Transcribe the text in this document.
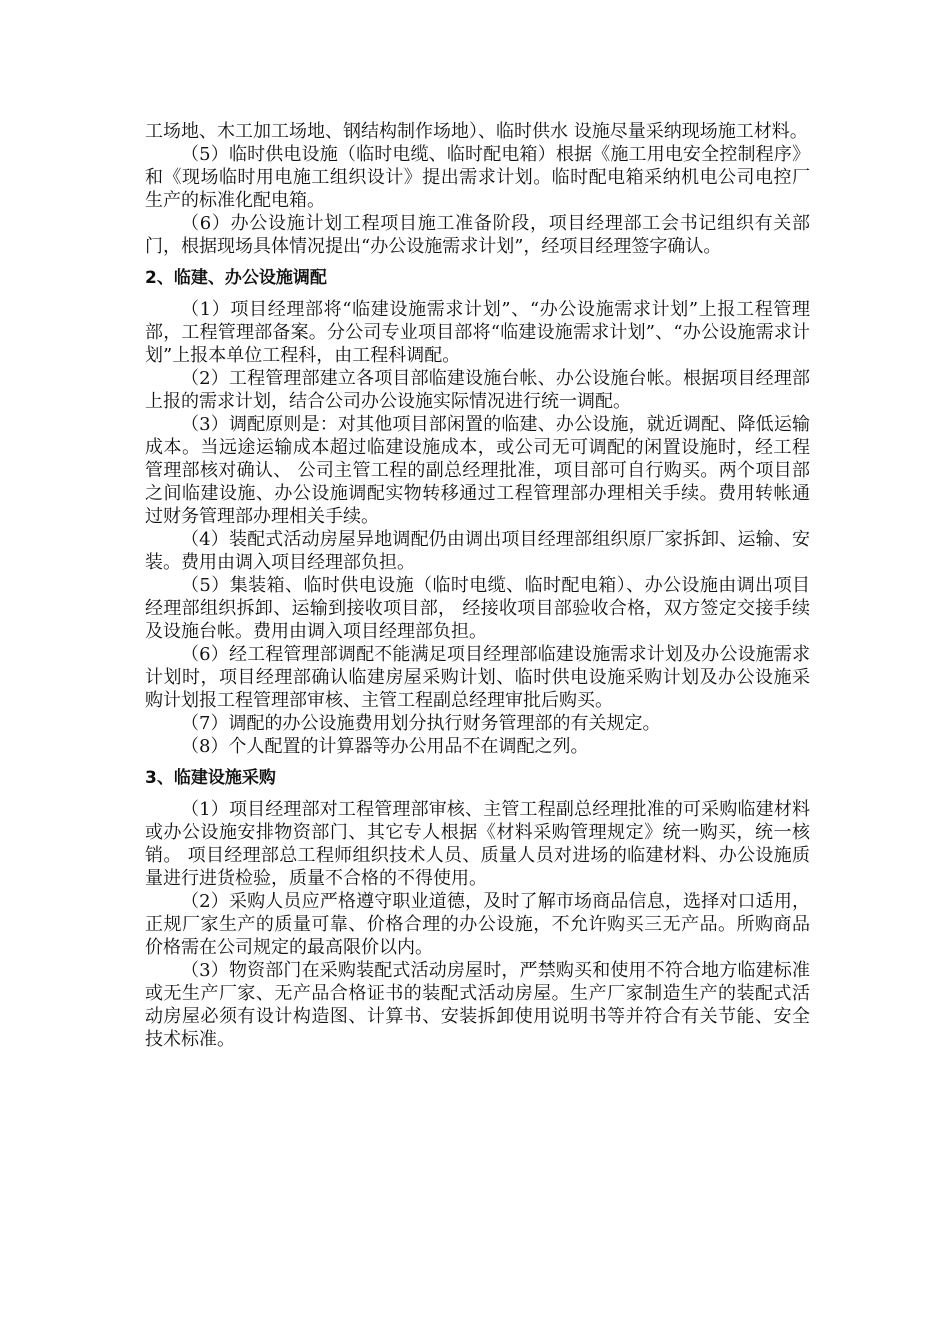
工场地、木工加工场地、钢结构制作场地）、临时供水 设施尽量采纳现场施工材料。

（5）临时供电设施（临时电缆、临时配电箱）根据《施工用电安全控制程序》和《现场临时用电施工组织设计》提出需求计划。临时配电箱采纳机电公司电控厂生产的标准化配电箱。

（6）办公设施计划工程项目施工准备阶段，项目经理部工会书记组织有关部门，根据现场具体情况提出“办公设施需求计划”，经项目经理签字确认。

2、临建、办公设施调配

（1）项目经理部将“临建设施需求计划”、“办公设施需求计划”上报工程管理部，工程管理部备案。分公司专业项目部将“临建设施需求计划”、“办公设施需求计划”上报本单位工程科，由工程科调配。

（2）工程管理部建立各项目部临建设施台帐、办公设施台帐。根据项目经理部上报的需求计划，结合公司办公设施实际情况进行统一调配。

（3）调配原则是：对其他项目部闲置的临建、办公设施，就近调配、降低运输成本。当远途运输成本超过临建设施成本，或公司无可调配的闲置设施时，经工程管理部核对确认、 公司主管工程的副总经理批准，项目部可自行购买。两个项目部之间临建设施、办公设施调配实物转移通过工程管理部办理相关手续。费用转帐通过财务管理部办理相关手续。

（4）装配式活动房屋异地调配仍由调出项目经理部组织原厂家拆卸、运输、安装。费用由调入项目经理部负担。

（5）集装箱、临时供电设施（临时电缆、临时配电箱）、办公设施由调出项目经理部组织拆卸、运输到接收项目部， 经接收项目部验收合格，双方签定交接手续及设施台帐。费用由调入项目经理部负担。

（6）经工程管理部调配不能满足项目经理部临建设施需求计划及办公设施需求计划时，项目经理部确认临建房屋采购计划、临时供电设施采购计划及办公设施采购计划报工程管理部审核、主管工程副总经理审批后购买。

（7）调配的办公设施费用划分执行财务管理部的有关规定。

（8）个人配置的计算器等办公用品不在调配之列。

3、临建设施采购

（1）项目经理部对工程管理部审核、主管工程副总经理批准的可采购临建材料或办公设施安排物资部门、其它专人根据《材料采购管理规定》统一购买，统一核销。 项目经理部总工程师组织技术人员、质量人员对进场的临建材料、办公设施质量进行进货检验，质量不合格的不得使用。

（2）采购人员应严格遵守职业道德，及时了解市场商品信息，选择对口适用，正规厂家生产的质量可靠、价格合理的办公设施，不允许购买三无产品。所购商品价格需在公司规定的最高限价以内。

（3）物资部门在采购装配式活动房屋时，严禁购买和使用不符合地方临建标准或无生产厂家、无产品合格证书的装配式活动房屋。生产厂家制造生产的装配式活动房屋必须有设计构造图、计算书、安装拆卸使用说明书等并符合有关节能、安全技术标准。
